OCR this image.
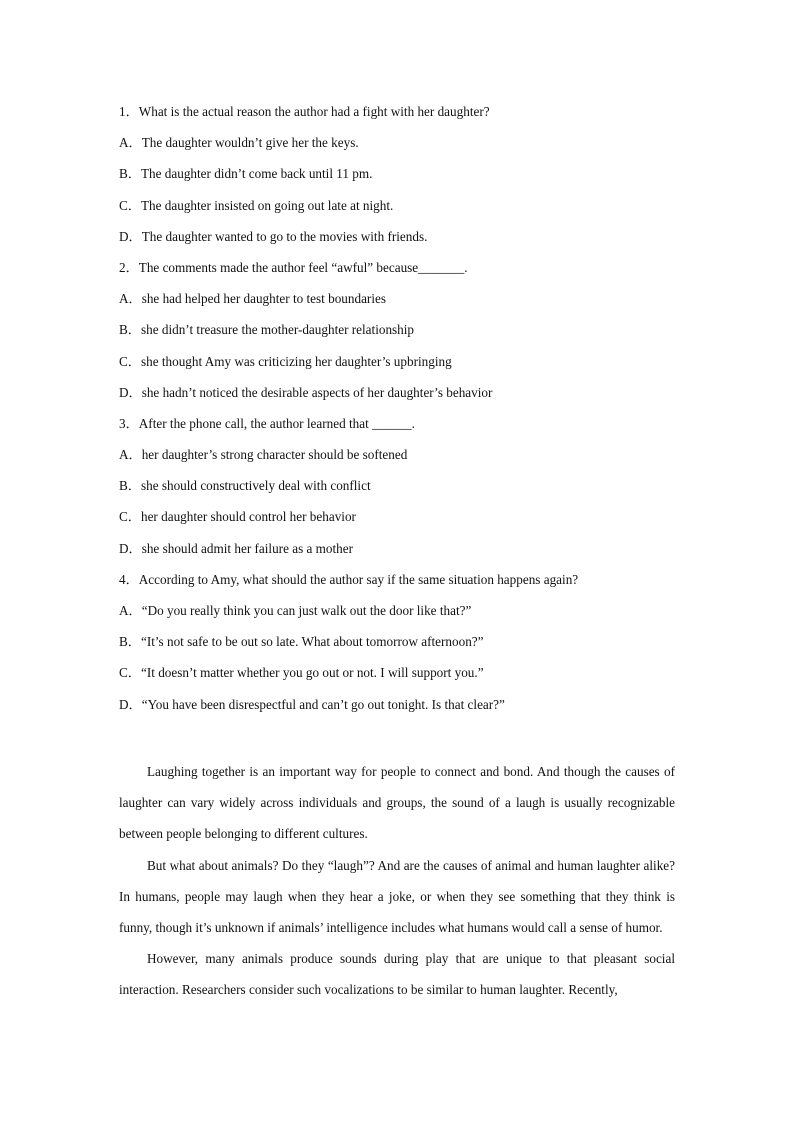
1．What is the actual reason the author had a fight with her daughter?
A．The daughter wouldn’t give her the keys.
B．The daughter didn’t come back until 11 pm.
C．The daughter insisted on going out late at night.
D．The daughter wanted to go to the movies with friends.
2．The comments made the author feel “awful” because_______.
A．she had helped her daughter to test boundaries
B．she didn’t treasure the mother-daughter relationship
C．she thought Amy was criticizing her daughter’s upbringing
D．she hadn’t noticed the desirable aspects of her daughter’s behavior
3．After the phone call, the author learned that ______.
A．her daughter’s strong character should be softened
B．she should constructively deal with conflict
C．her daughter should control her behavior
D．she should admit her failure as a mother
4．According to Amy, what should the author say if the same situation happens again?
A．“Do you really think you can just walk out the door like that?”
B．“It’s not safe to be out so late. What about tomorrow afternoon?”
C．“It doesn’t matter whether you go out or not. I will support you.”
D．“You have been disrespectful and can’t go out tonight. Is that clear?”

Laughing together is an important way for people to connect and bond. And though the causes of laughter can vary widely across individuals and groups, the sound of a laugh is usually recognizable between people belonging to different cultures.

But what about animals? Do they “laugh”? And are the causes of animal and human laughter alike? In humans, people may laugh when they hear a joke, or when they see something that they think is funny, though it’s unknown if animals’ intelligence includes what humans would call a sense of humor.

However, many animals produce sounds during play that are unique to that pleasant social interaction. Researchers consider such vocalizations to be similar to human laughter. Recently,
